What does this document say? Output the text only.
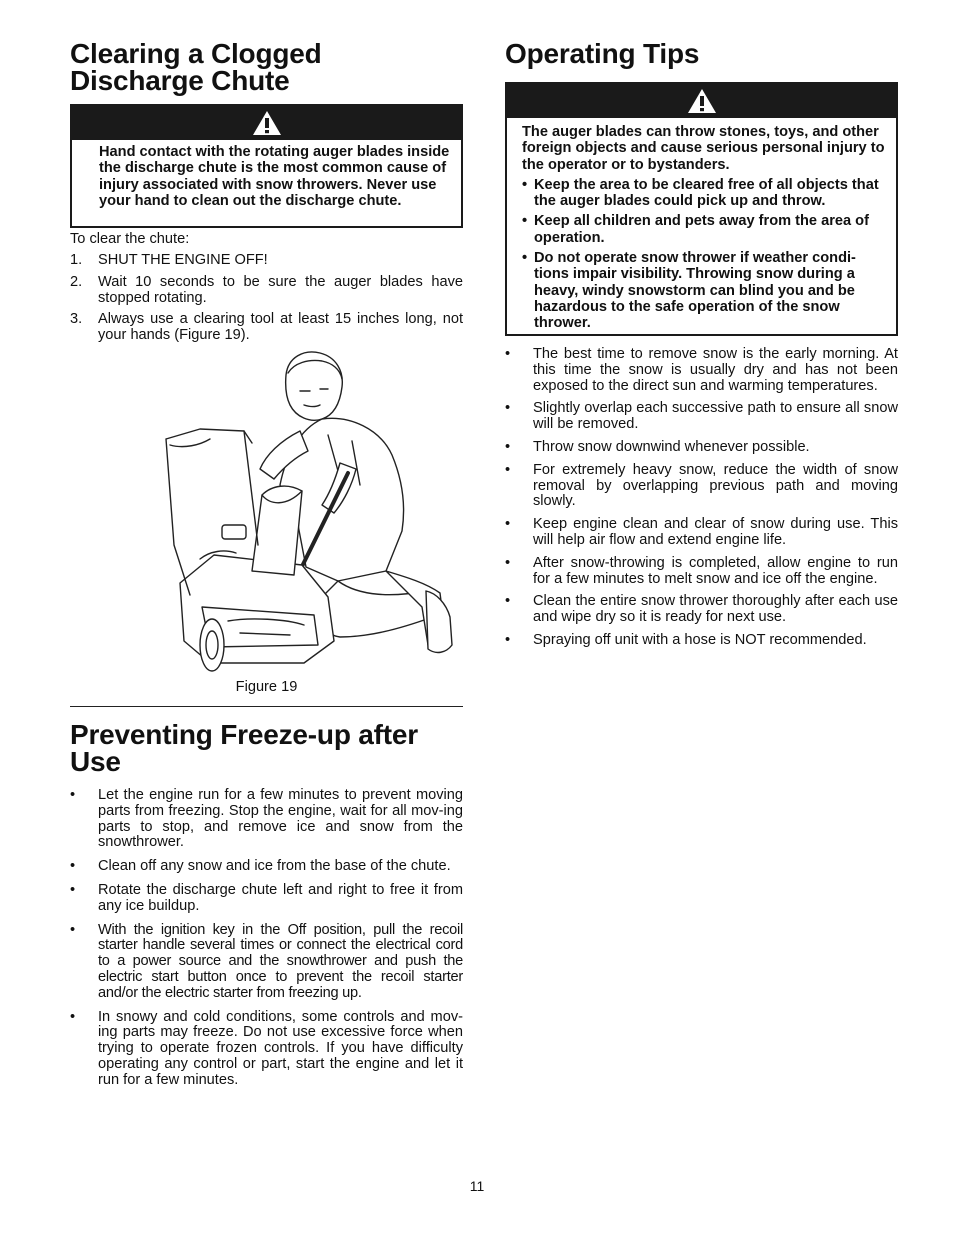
Clearing a Clogged
Discharge Chute
Hand contact with the rotating auger blades inside the discharge chute is the most common cause of injury associated with snow throwers. Never use your hand to clean out the discharge chute.
To clear the chute:
1.	SHUT THE ENGINE OFF!
2.	Wait 10 seconds to be sure the auger blades have stopped rotating.
3.	Always use a clearing tool at least 15 inches long, not your hands (Figure 19).
Figure 19
Preventing Freeze-up after
Use
•	Let the engine run for a few minutes to prevent moving parts from freezing. Stop the engine, wait for all mov-ing parts to stop, and remove ice and snow from the snowthrower.
•	Clean off any snow and ice from the base of the chute.
•	Rotate the discharge chute left and right to free it from any ice buildup.
•	With the ignition key in the Off position, pull the recoil starter handle several times or connect the electrical cord to a power source and the snowthrower and push the electric start button once to prevent the recoil starter and/or the electric starter from freezing up.
•	In snowy and cold conditions, some controls and mov-ing parts may freeze. Do not use excessive force when trying to operate frozen controls. If you have difficulty operating any control or part, start the engine and let it run for a few minutes.
Operating Tips
The auger blades can throw stones, toys, and other foreign objects and cause serious personal injury to the operator or to bystanders.
• Keep the area to be cleared free of all objects that the auger blades could pick up and throw.
• Keep all children and pets away from the area of operation.
• Do not operate snow thrower if weather condi-tions impair visibility. Throwing snow during a heavy, windy snowstorm can blind you and be hazardous to the safe operation of the snow thrower.
•	The best time to remove snow is the early morning. At this time the snow is usually dry and has not been exposed to the direct sun and warming temperatures.
•	Slightly overlap each successive path to ensure all snow will be removed.
•	Throw snow downwind whenever possible.
•	For extremely heavy snow, reduce the width of snow removal by overlapping previous path and moving slowly.
•	Keep engine clean and clear of snow during use. This will help air flow and extend engine life.
•	After snow-throwing is completed, allow engine to run for a few minutes to melt snow and ice off the engine.
•	Clean the entire snow thrower thoroughly after each use and wipe dry so it is ready for next use.
•	Spraying off unit with a hose is NOT recommended.
11
